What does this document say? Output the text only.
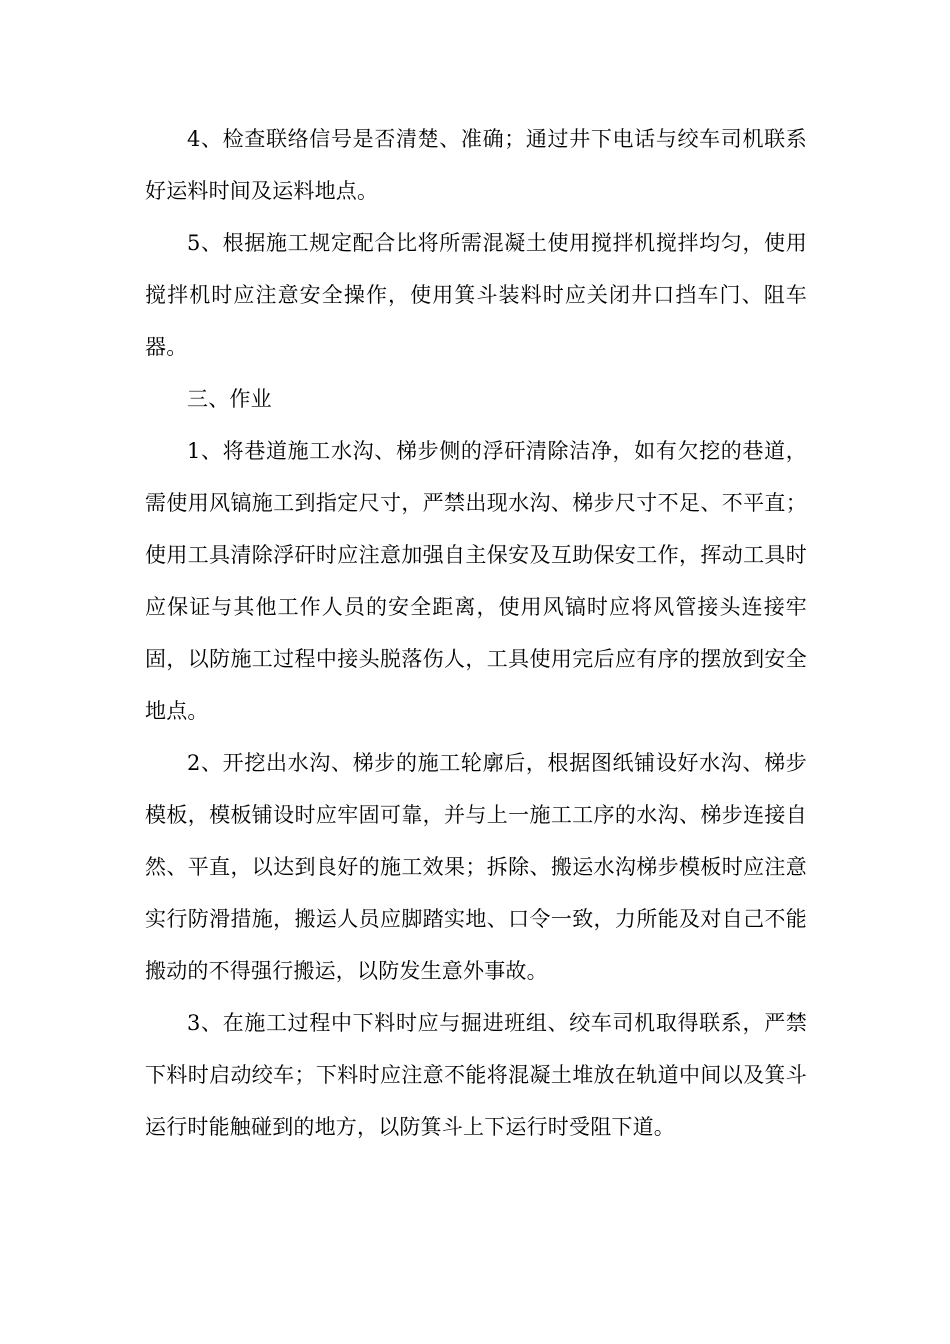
4、检查联络信号是否清楚、准确；通过井下电话与绞车司机联系好运料时间及运料地点。

5、根据施工规定配合比将所需混凝土使用搅拌机搅拌均匀，使用搅拌机时应注意安全操作，使用箕斗装料时应关闭井口挡车门、阻车器。

三、作业

1、将巷道施工水沟、梯步侧的浮矸清除洁净，如有欠挖的巷道，需使用风镐施工到指定尺寸，严禁出现水沟、梯步尺寸不足、不平直；使用工具清除浮矸时应注意加强自主保安及互助保安工作，挥动工具时应保证与其他工作人员的安全距离，使用风镐时应将风管接头连接牢固，以防施工过程中接头脱落伤人，工具使用完后应有序的摆放到安全地点。

2、开挖出水沟、梯步的施工轮廓后，根据图纸铺设好水沟、梯步模板，模板铺设时应牢固可靠，并与上一施工工序的水沟、梯步连接自然、平直，以达到良好的施工效果；拆除、搬运水沟梯步模板时应注意实行防滑措施，搬运人员应脚踏实地、口令一致，力所能及对自己不能搬动的不得强行搬运，以防发生意外事故。

3、在施工过程中下料时应与掘进班组、绞车司机取得联系，严禁下料时启动绞车；下料时应注意不能将混凝土堆放在轨道中间以及箕斗运行时能触碰到的地方，以防箕斗上下运行时受阻下道。
